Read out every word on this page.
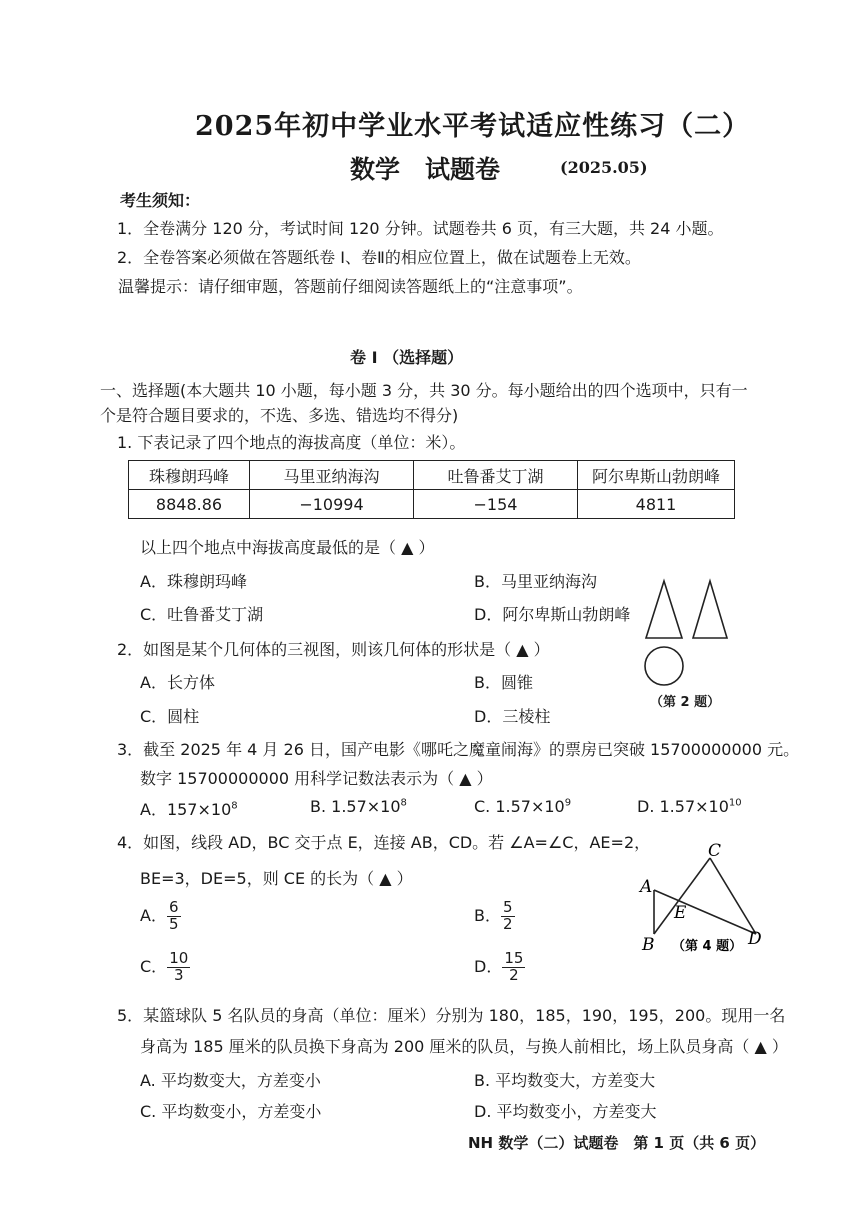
2025年初中学业水平考试适应性练习（二）
数学　试题卷	(2025.05)
考生须知：
1．全卷满分 120 分，考试时间 120 分钟。试题卷共 6 页，有三大题，共 24 小题。
2．全卷答案必须做在答题纸卷 Ⅰ、卷Ⅱ的相应位置上，做在试题卷上无效。
温馨提示：请仔细审题，答题前仔细阅读答题纸上的“注意事项”。
卷 Ⅰ （选择题）
一、选择题(本大题共 10 小题，每小题 3 分，共 30 分。每小题给出的四个选项中，只有一
个是符合题目要求的，不选、多选、错选均不得分)
1. 下表记录了四个地点的海拔高度（单位：米）。
珠穆朗玛峰	马里亚纳海沟	吐鲁番艾丁湖	阿尔卑斯山勃朗峰
8848.86	−10994	−154	4811
以上四个地点中海拔高度最低的是（ ▲ ）
A．珠穆朗玛峰	B．马里亚纳海沟
C．吐鲁番艾丁湖	D．阿尔卑斯山勃朗峰
（第 2 题）
2．如图是某个几何体的三视图，则该几何体的形状是（ ▲ ）
A．长方体	B．圆锥
C．圆柱	D．三棱柱
3．截至 2025 年 4 月 26 日，国产电影《哪吒之魔童闹海》的票房已突破 15700000000 元。
数字 15700000000 用科学记数法表示为（ ▲ ）
A．$157\times 10^8$	B. $1.57\times 10^8$	C. $1.57\times 10^9$	D. $1.57\times 10^{10}$
4．如图，线段 AD，BC 交于点 E，连接 AB，CD。若 ∠A=∠C，AE=2，
BE=3，DE=5，则 CE 的长为（ ▲ ）
A． $\frac{6}{5}$	B． $\frac{5}{2}$
C． $\frac{10}{3}$	D． $\frac{15}{2}$
A
B
C
D
E
（第 4 题）
5．某篮球队 5 名队员的身高（单位：厘米）分别为 180，185，190，195，200。现用一名
身高为 185 厘米的队员换下身高为 200 厘米的队员，与换人前相比，场上队员身高（ ▲ ）
A. 平均数变大，方差变小	B. 平均数变大，方差变大
C. 平均数变小，方差变小	D. 平均数变小，方差变大
NH 数学（二）试题卷　第 1 页（共 6 页）
